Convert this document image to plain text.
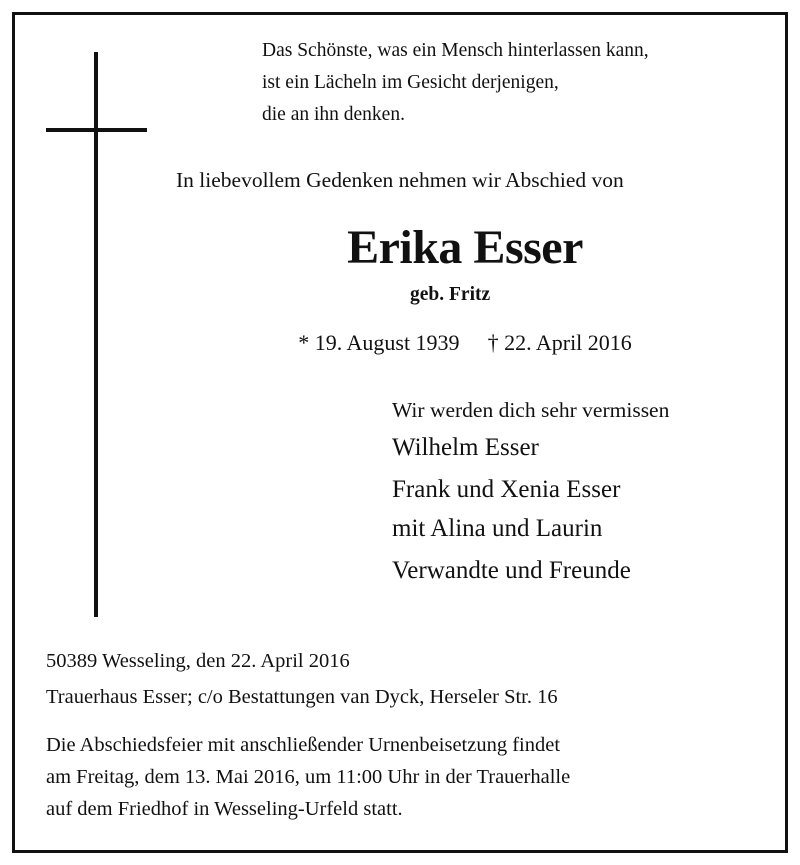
Das Schönste, was ein Mensch hinterlassen kann,
ist ein Lächeln im Gesicht derjenigen,
die an ihn denken.
In liebevollem Gedenken nehmen wir Abschied von
Erika Esser
geb. Fritz
* 19. August 1939 † 22. April 2016
Wir werden dich sehr vermissen
Wilhelm Esser
Frank und Xenia Esser
mit Alina und Laurin
Verwandte und Freunde
50389 Wesseling, den 22. April 2016
Trauerhaus Esser; c/o Bestattungen van Dyck, Herseler Str. 16
Die Abschiedsfeier mit anschließender Urnenbeisetzung findet
am Freitag, dem 13. Mai 2016, um 11:00 Uhr in der Trauerhalle
auf dem Friedhof in Wesseling-Urfeld statt.
